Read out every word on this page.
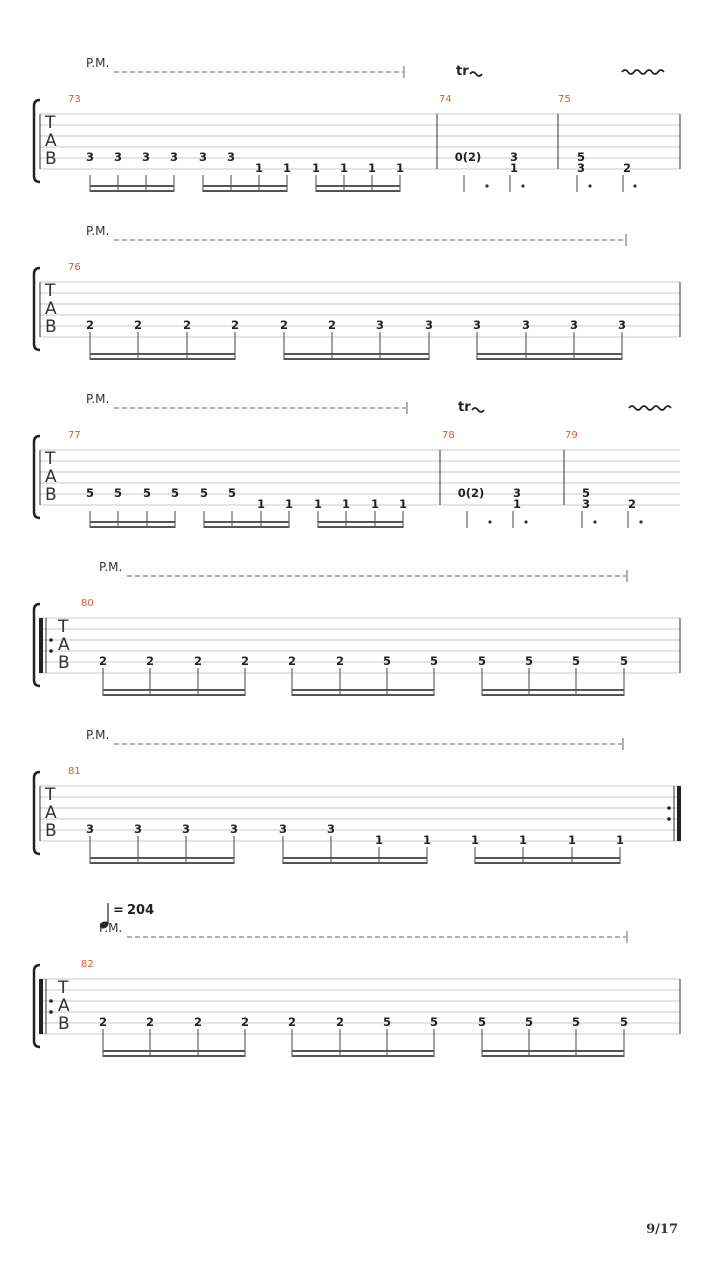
P.M.
tr
73	74	75
T
A
B	3 3 3 3 3 3
1 1 1 1 1 1
0(2) 3
1
5
3	2
P.M.
76
T
A
B	2	2	2	2	2	2	3	3	3	3	3	3
P.M.
tr
77	78	79
T
A
B	5 5 5 5 5 5
1 1 1 1 1 1
0(2) 3
1
5
3	2
P.M.
80
T
A
B	2	2	2	2	2	2	5	5	5	5	5	5
P.M.
81
T
A
B	3	3	3	3	3	3
1	1	1	1	1	1
= 204
P.M.
82
T
A
B	2	2	2	2	2	2	5	5	5	5	5	5
9/17
